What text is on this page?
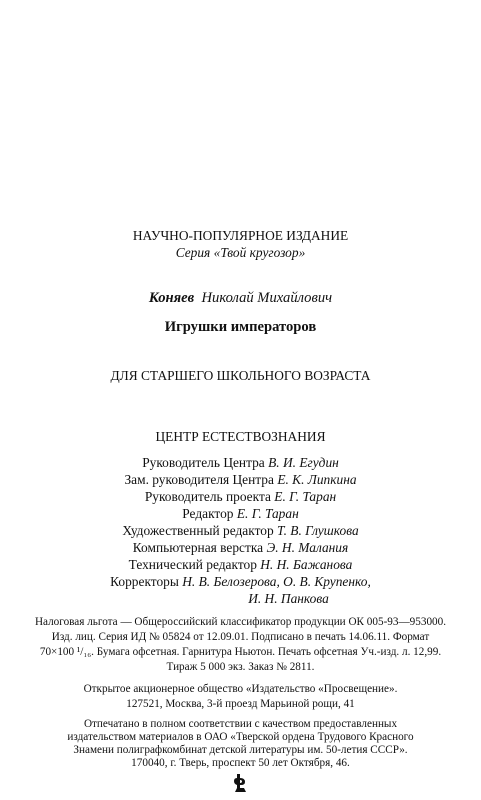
НАУЧНО-ПОПУЛЯРНОЕ ИЗДАНИЕ
Серия «Твой кругозор»
Коняев Николай Михайлович
Игрушки императоров
ДЛЯ СТАРШЕГО ШКОЛЬНОГО ВОЗРАСТА
ЦЕНТР ЕСТЕСТВОЗНАНИЯ
Руководитель Центра В. И. Егудин
Зам. руководителя Центра Е. К. Липкина
Руководитель проекта Е. Г. Таран
Редактор Е. Г. Таран
Художественный редактор Т. В. Глушкова
Компьютерная верстка Э. Н. Малания
Технический редактор Н. Н. Бажанова
Корректоры Н. В. Белозерова, О. В. Крупенко,
И. Н. Панкова
Налоговая льгота — Общероссийский классификатор продукции ОК 005-93—953000.
Изд. лиц. Серия ИД № 05824 от 12.09.01. Подписано в печать 14.06.11. Формат
70×100 ¹/₁₆. Бумага офсетная. Гарнитура Ньютон. Печать офсетная Уч.-изд. л. 12,99.
Тираж 5 000 экз. Заказ № 2811.
Открытое акционерное общество «Издательство «Просвещение».
127521, Москва, 3-й проезд Марьиной рощи, 41
Отпечатано в полном соответствии с качеством предоставленных
издательством материалов в ОАО «Тверской ордена Трудового Красного
Знамени полиграфкомбинат детской литературы им. 50-летия СССР».
170040, г. Тверь, проспект 50 лет Октября, 46.
